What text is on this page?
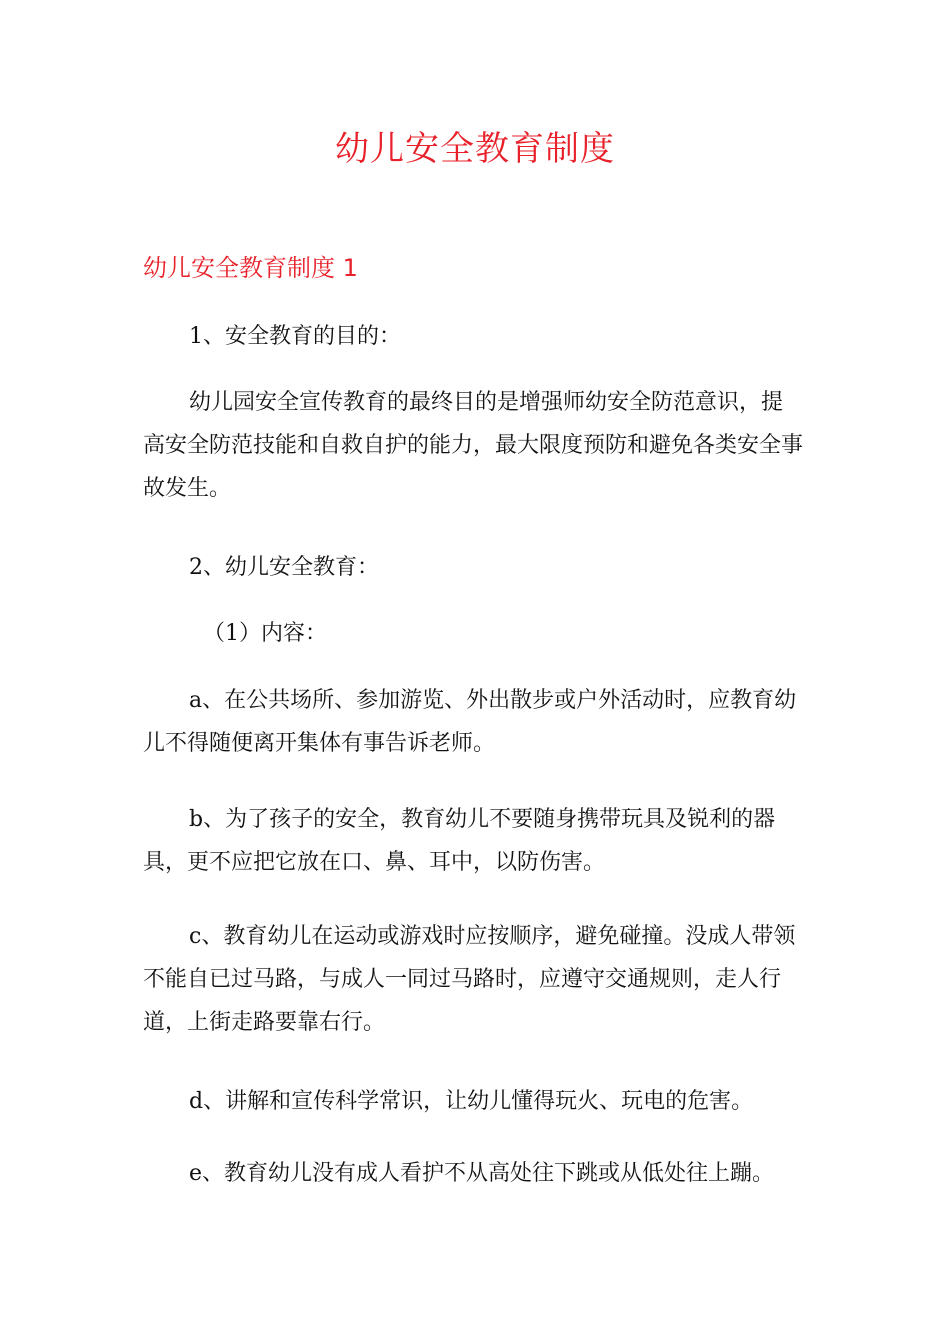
幼儿安全教育制度
幼儿安全教育制度 1
1、安全教育的目的：
幼儿园安全宣传教育的最终目的是增强师幼安全防范意识，提高安全防范技能和自救自护的能力，最大限度预防和避免各类安全事故发生。
2、幼儿安全教育：
（1）内容：
a、在公共场所、参加游览、外出散步或户外活动时，应教育幼儿不得随便离开集体有事告诉老师。
b、为了孩子的安全，教育幼儿不要随身携带玩具及锐利的器具，更不应把它放在口、鼻、耳中，以防伤害。
c、教育幼儿在运动或游戏时应按顺序，避免碰撞。没成人带领不能自已过马路，与成人一同过马路时，应遵守交通规则，走人行道，上街走路要靠右行。
d、讲解和宣传科学常识，让幼儿懂得玩火、玩电的危害。
e、教育幼儿没有成人看护不从高处往下跳或从低处往上蹦。
